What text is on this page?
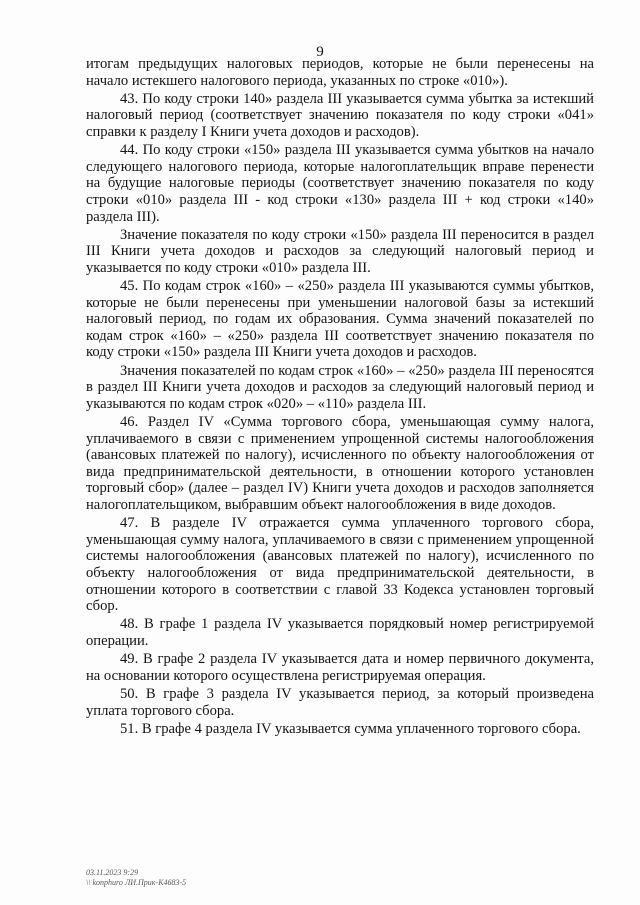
9

итогам предыдущих налоговых периодов, которые не были перенесены на начало истекшего налогового периода, указанных по строке «010»).

43. По коду строки 140» раздела III указывается сумма убытка за истекший налоговый период (соответствует значению показателя по коду строки «041» справки к разделу I Книги учета доходов и расходов).

44. По коду строки «150» раздела III указывается сумма убытков на начало следующего налогового периода, которые налогоплательщик вправе перенести на будущие налоговые периоды (соответствует значению показателя по коду строки «010» раздела III - код строки «130» раздела III + код строки «140» раздела III).

Значение показателя по коду строки «150» раздела III переносится в раздел III Книги учета доходов и расходов за следующий налоговый период и указывается по коду строки «010» раздела III.

45. По кодам строк «160» – «250» раздела III указываются суммы убытков, которые не были перенесены при уменьшении налоговой базы за истекший налоговый период, по годам их образования. Сумма значений показателей по кодам строк «160» – «250» раздела III соответствует значению показателя по коду строки «150» раздела III Книги учета доходов и расходов.

Значения показателей по кодам строк «160» – «250» раздела III переносятся в раздел III Книги учета доходов и расходов за следующий налоговый период и указываются по кодам строк «020» – «110» раздела III.

46. Раздел IV «Сумма торгового сбора, уменьшающая сумму налога, уплачиваемого в связи с применением упрощенной системы налогообложения (авансовых платежей по налогу), исчисленного по объекту налогообложения от вида предпринимательской деятельности, в отношении которого установлен торговый сбор» (далее – раздел IV) Книги учета доходов и расходов заполняется налогоплательщиком, выбравшим объект налогообложения в виде доходов.

47. В разделе IV отражается сумма уплаченного торгового сбора, уменьшающая сумму налога, уплачиваемого в связи с применением упрощенной системы налогообложения (авансовых платежей по налогу), исчисленного по объекту налогообложения от вида предпринимательской деятельности, в отношении которого в соответствии с главой 33 Кодекса установлен торговый сбор.

48. В графе 1 раздела IV указывается порядковый номер регистрируемой операции.

49. В графе 2 раздела IV указывается дата и номер первичного документа, на основании которого осуществлена регистрируемая операция.

50. В графе 3 раздела IV указывается период, за который произведена уплата торгового сбора.

51. В графе 4 раздела IV указывается сумма уплаченного торгового сбора.

03.11.2023 9:29
\\ konphuro ЛИ.Прик-К4683-5
